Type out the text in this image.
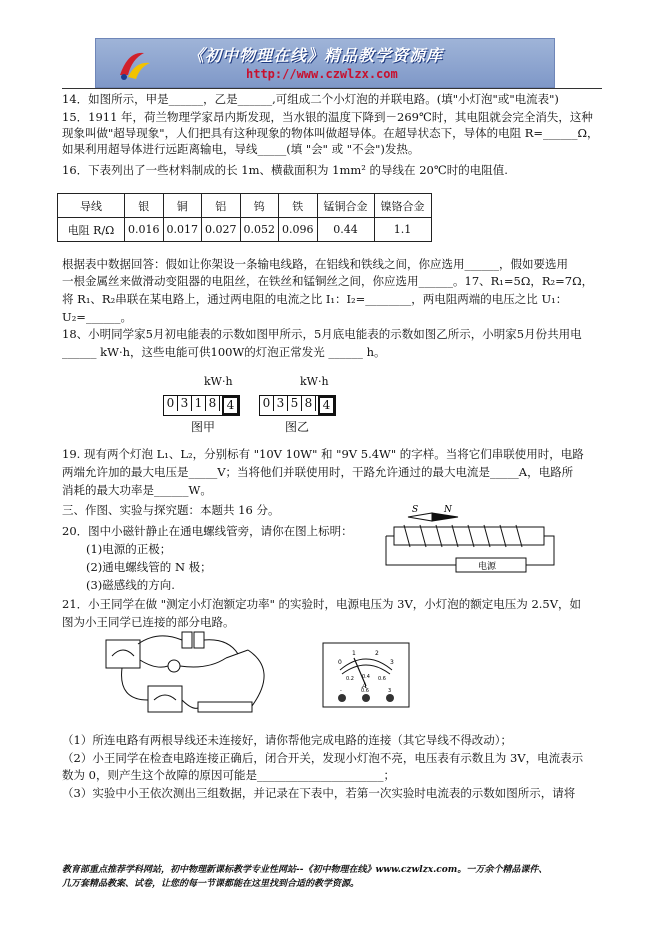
《初中物理在线》精品教学资源库
http://www.czwlzx.com
14．如图所示，甲是______，乙是______,可组成二个小灯泡的并联电路。(填"小灯泡"或"电流表")
15．1911 年，荷兰物理学家昂内斯发现，当水银的温度下降到－269℃时，其电阻就会完全消失，这种
现象叫做"超导现象"，人们把具有这种现象的物体叫做超导体。在超导状态下，导体的电阻 R=______Ω，
如果利用超导体进行远距离输电，导线_____(填 "会" 或 "不会")发热。
16．下表列出了一些材料制成的长 1m、横截面积为 1mm² 的导线在 20℃时的电阻值.
导线	银	铜	铝	钨	铁	锰铜合金	镍铬合金
电阻 R/Ω	0.016	0.017	0.027	0.052	0.096	0.44	1.1
根据表中数据回答：假如让你架设一条输电线路，在铝线和铁线之间，你应选用______，假如要选用
一根金属丝来做滑动变阻器的电阻丝，在铁丝和锰铜丝之间，你应选用______。17、R₁=5Ω，R₂=7Ω，
将 R₁、R₂串联在某电路上，通过两电阻的电流之比 I₁：I₂=________，两电阻两端的电压之比 U₁：
U₂=______。
18、小明同学家5月初电能表的示数如图甲所示，5月底电能表的示数如图乙所示，小明家5月份共用电
______ kW·h，这些电能可供100W的灯泡正常发光 ______ h。
kW·h	kW·h
0 3 1 8 4	0 3 5 8 4
图甲	图乙
19. 现有两个灯泡 L₁、L₂，分别标有 "10V 10W" 和 "9V 5.4W" 的字样。当将它们串联使用时，电路
两端允许加的最大电压是_____V；当将他们并联使用时，干路允许通过的最大电流是_____A，电路所
消耗的最大功率是______W。
三、作图、实验与探究题：本题共 16 分。
20．图中小磁针静止在通电螺线管旁，请你在图上标明：
(1)电源的正极；
(2)通电螺线管的 N 极；
(3)磁感线的方向.
S	N
电源
21．小王同学在做 "测定小灯泡额定功率" 的实验时，电源电压为 3V，小灯泡的额定电压为 2.5V，如
图为小王同学已连接的部分电路。
0
1	2
3
0.2 0.4 0.6
A
-	0.6	3
（1）所连电路有两根导线还未连接好，请你帮他完成电路的连接（其它导线不得改动）；
（2）小王同学在检查电路连接正确后，闭合开关，发现小灯泡不亮，电压表有示数且为 3V，电流表示
数为 0，则产生这个故障的原因可能是______________________；
（3）实验中小王依次测出三组数据，并记录在下表中，若第一次实验时电流表的示数如图所示，请将
教育部重点推荐学科网站，初中物理新课标教学专业性网站--《初中物理在线》www.czwlzx.com。一万余个精品课件、
几万套精品教案、试卷，让您的每一节课都能在这里找到合适的教学资源。
